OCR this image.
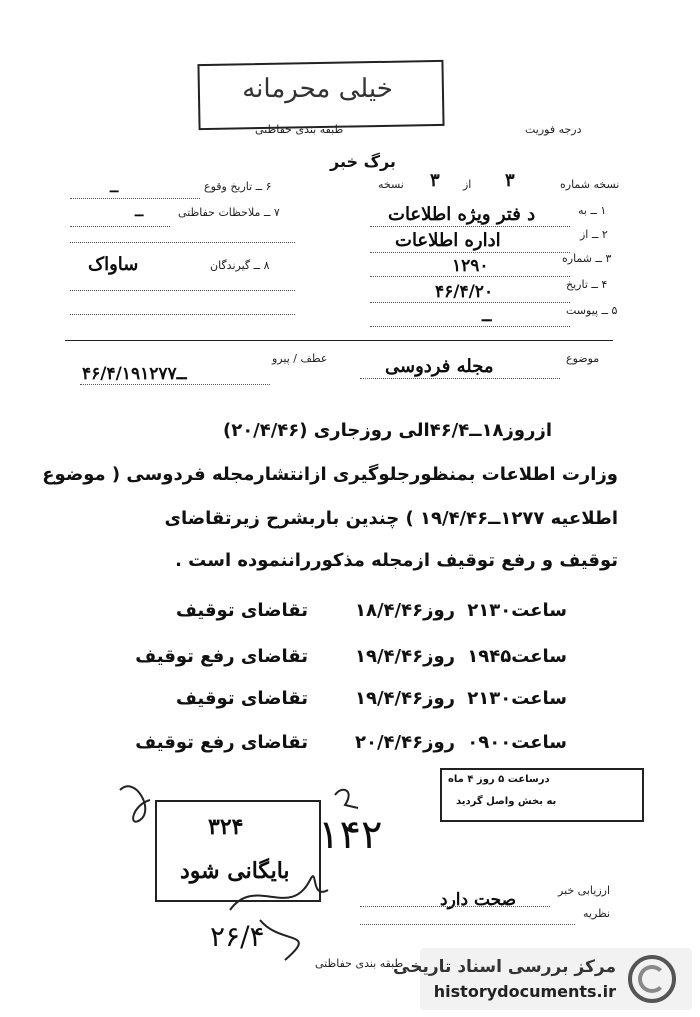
خیلی محرمانه
طبقه بندی حفاظتی	درجه فوریت
برگ خبر
نسخه شماره
۳
از
۳
نسخه
۱ ــ به
د فتر ویژه اطلاعات
۲ ــ از
اداره اطلاعات
۳ ــ شماره
۱۲۹۰
۴ ــ تاریخ
۴۶/۴/۲۰
۵ ــ پیوست
ــ
۶ ــ تاریخ وقوع
ــ
۷ ــ ملاحظات حفاظتی
ــ
۸ ــ گیرندگان
ساواک
موضوع
مجله فردوسی
عطف / پیرو
۴۶/۴/۱۹ــ۱۲۷۷
ازروز۱۸ــ۴۶/۴الی روزجاری (۲۰/۴/۴۶)
وزارت اطلاعات بمنظورجلوگیری ازانتشارمجله فردوسی ( موضوع
اطلاعیه ۱۲۷۷ــ۱۹/۴/۴۶ ) چندین باربشرح زیرتقاضای
توقیف و رفع توقیف ازمجله مذکورراننموده است .
ساعت۲۱۳۰
روز۱۸/۴/۴۶
تقاضای توقیف
ساعت۱۹۴۵
روز۱۹/۴/۴۶
تقاضای رفع توقیف
ساعت۲۱۳۰
روز۱۹/۴/۴۶
تقاضای توقیف
ساعت۰۹۰۰
روز۲۰/۴/۴۶
تقاضای رفع توقیف
درساعت ۵ روز ۴ ماه
به بخش واصل گردید
۳۲۴
بایگانی شود
۱۴۲
ارزیابی خبر
صحت دارد
نظریه
۲۶/۴
طبقه بندی حفاظتی
مرکز بررسی اسناد تاریخی
historydocuments.ir
